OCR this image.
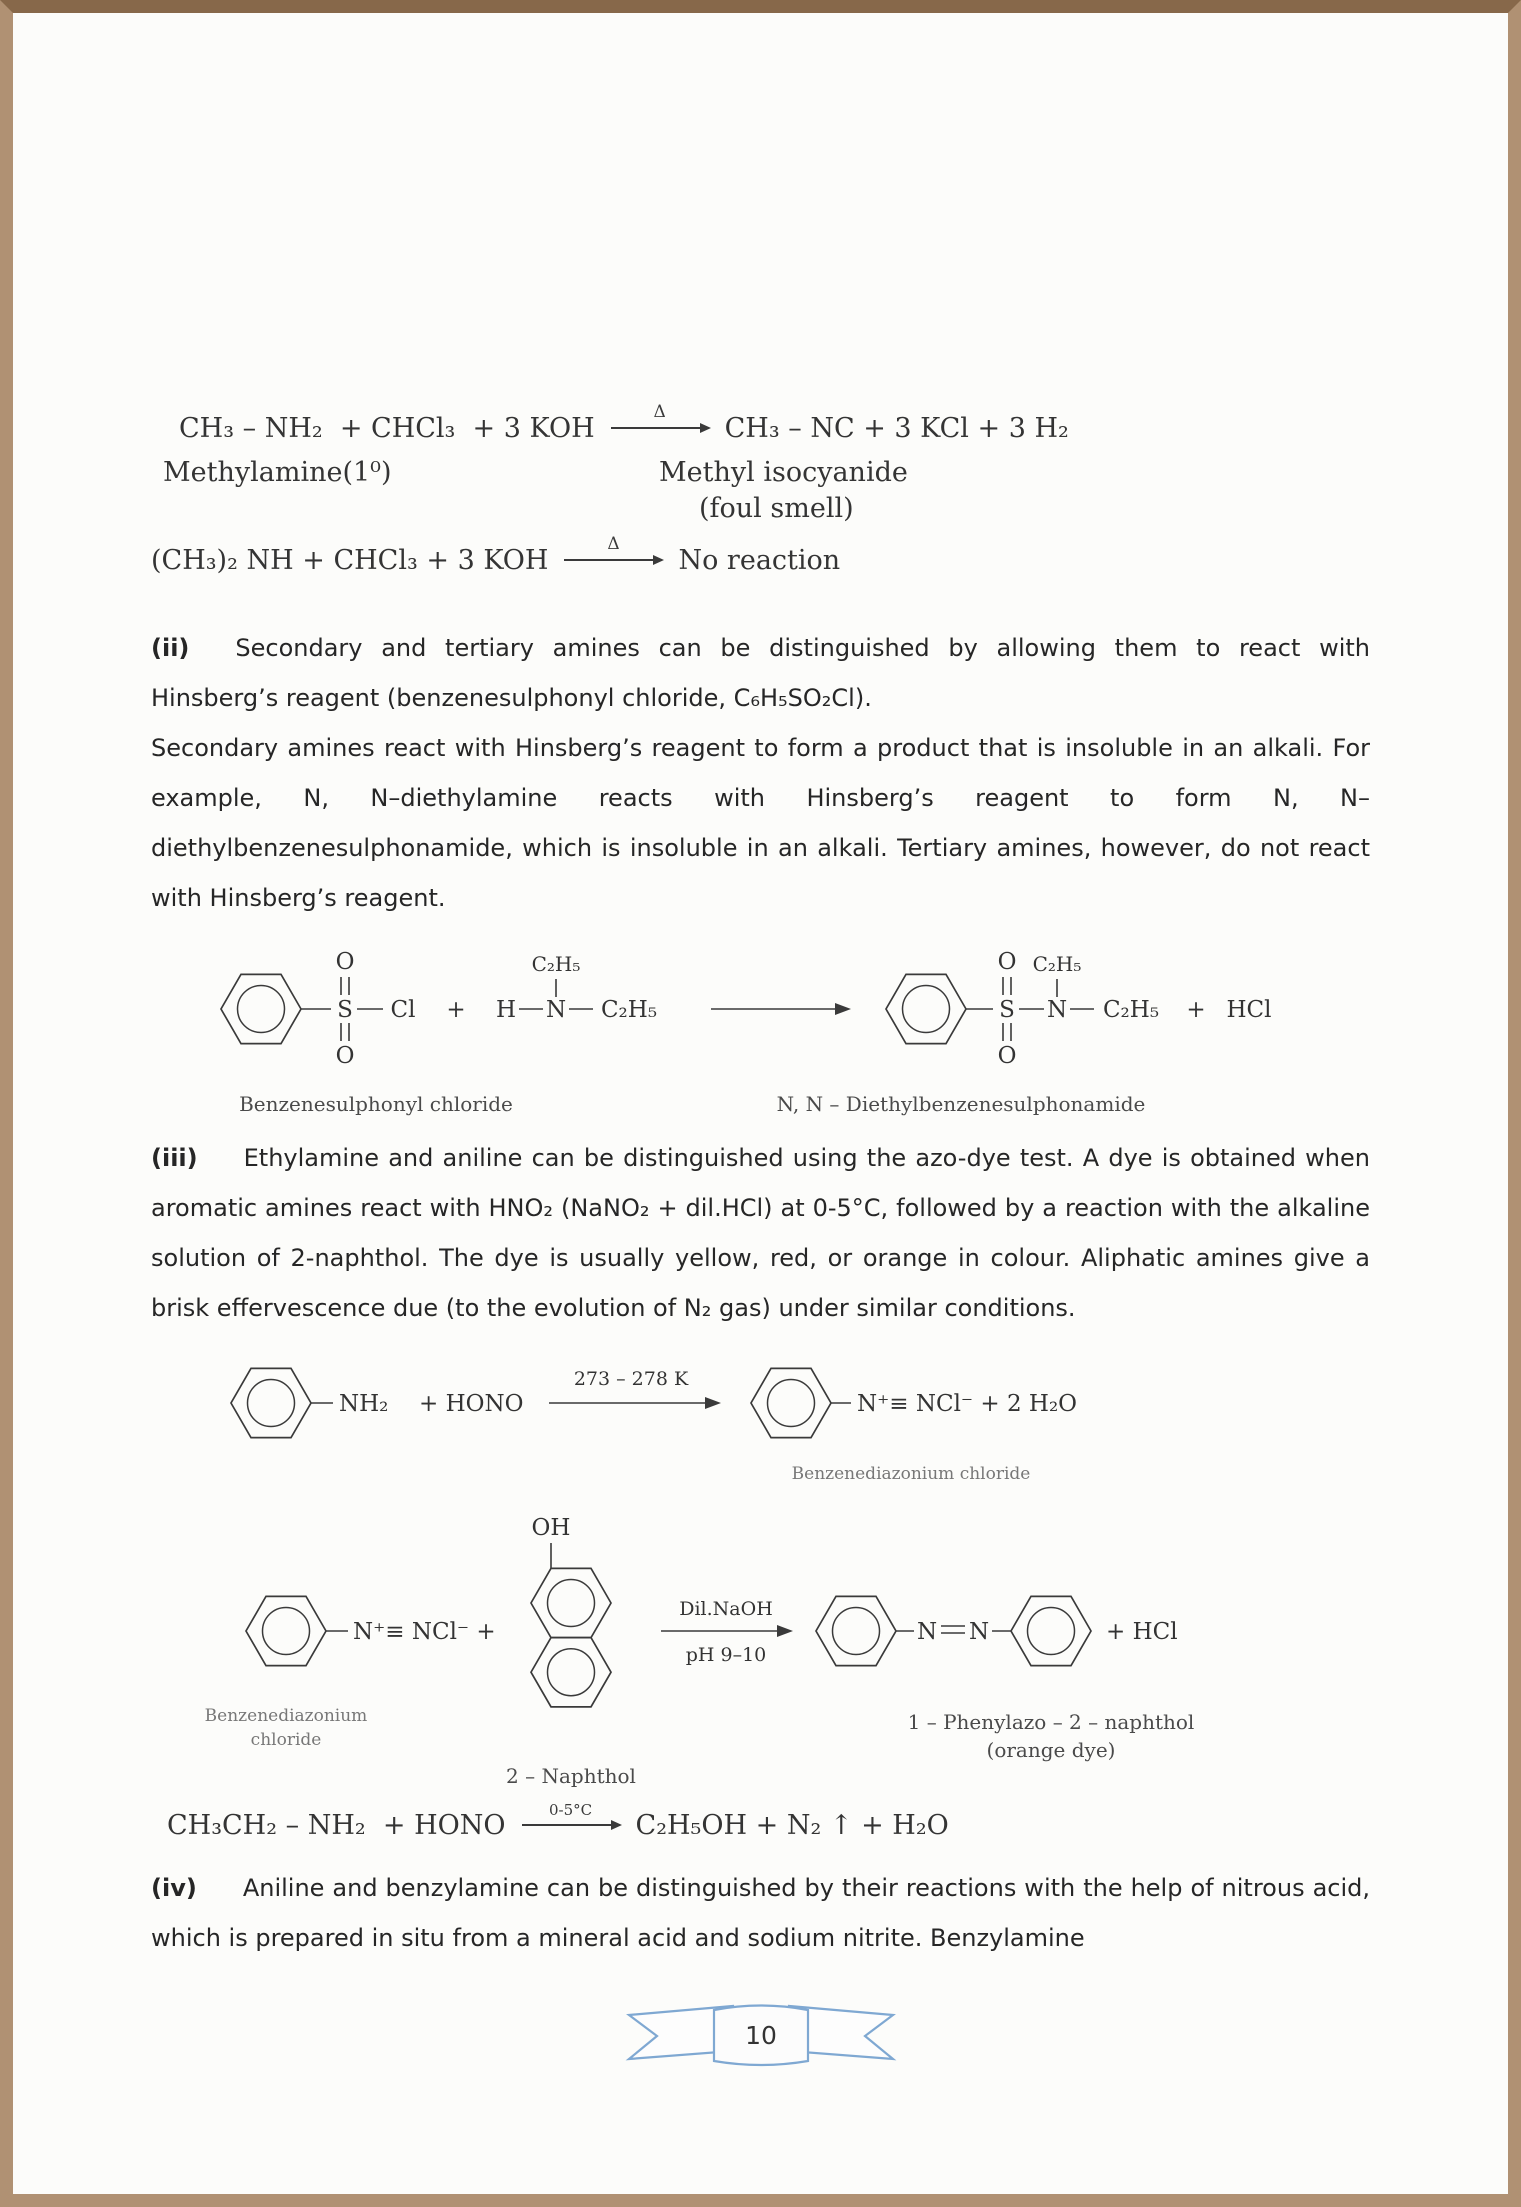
CH₃ – NH₂  + CHCl₃  + 3 KOH
Δ
CH₃ – NC + 3 KCl + 3 H₂
Methylamine(1⁰)	Methyl isocyanide
(foul smell)
(CH₃)₂ NH + CHCl₃ + 3 KOH
Δ
No reaction

(ii) Secondary and tertiary amines can be distinguished by allowing them to react with Hinsberg’s reagent (benzenesulphonyl chloride, C₆H₅SO₂Cl).

Secondary amines react with Hinsberg’s reagent to form a product that is insoluble in an alkali. For example, N, N–diethylamine reacts with Hinsberg’s reagent to form N, N–diethylbenzenesulphonamide, which is insoluble in an alkali. Tertiary amines, however, do not react with Hinsberg’s reagent.

O
S
O
Cl + H
C₂H₅
N C₂H₅
O
S
O
C₂H₅
N C₂H₅ + HCl
Benzenesulphonyl chloride	N, N – Diethylbenzenesulphonamide

(iii) Ethylamine and aniline can be distinguished using the azo-dye test. A dye is obtained when aromatic amines react with HNO₂ (NaNO₂ + dil.HCl) at 0-5°C, followed by a reaction with the alkaline solution of 2-naphthol. The dye is usually yellow, red, or orange in colour. Aliphatic amines give a brisk effervescence due (to the evolution of N₂ gas) under similar conditions.

NH₂ + HONO
273 – 278 K
N⁺≡ NCl⁻ + 2 H₂O
Benzenediazonium chloride
N⁺≡ NCl⁻ +
Benzenediazonium
chloride
OH
2 – Naphthol
Dil.NaOH
pH 9–10
N N	+ HCl
1 – Phenylazo – 2 – naphthol
(orange dye)
CH₃CH₂ – NH₂  + HONO	0-5°C C₂H₅OH + N₂ ↑ + H₂O

(iv) Aniline and benzylamine can be distinguished by their reactions with the help of nitrous acid, which is prepared in situ from a mineral acid and sodium nitrite. Benzylamine

10
